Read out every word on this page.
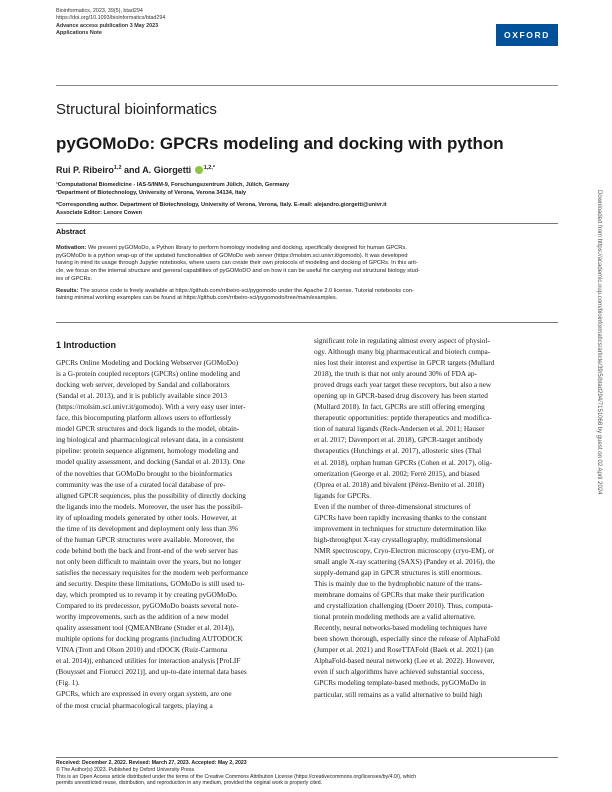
Bioinformatics, 2023, 39(5), btad294
https://doi.org/10.1093/bioinformatics/btad294
Advance access publication 3 May 2023
Applications Note	OXFORD
Structural bioinformatics
pyGOMoDo: GPCRs modeling and docking with python
Rui P. Ribeiro$^{1,2}$ and A. Giorgetti $^{1,2,*}$
¹Computational Biomedicine - IAS-5/INM-9, Forschungszentrum Jülich, Jülich, Germany
²Department of Biotechnology, University of Verona, Verona 34134, Italy
*Corresponding author. Department of Biotechnology, University of Verona, Verona, Italy. E-mail: alejandro.giorgetti@univr.it
Associate Editor: Lenore Cowen
Abstract

Motivation: We present pyGOMoDo, a Python library to perform homology modeling and docking, specifically designed for human GPCRs.
pyGOMoDo is a python wrap-up of the updated functionalities of GOMoDo web server (https://molsim.sci.univr.it/gomodo). It was developed
having in mind its usage through Jupyter notebooks, where users can create their own protocols of modeling and docking of GPCRs. In this arti-
cle, we focus on the internal structure and general capabilities of pyGOMoDO and on how it can be useful for carrying out structural biology stud-
ies of GPCRs.

Results: The source code is freely available at https://github.com/rribeiro-sci/pygomodo under the Apache 2.0 license. Tutorial notebooks con-
taining minimal working examples can be found at https://github.com/rribeiro-sci/pygomodo/tree/main/examples.

1 Introduction
GPCRs Online Modeling and Docking Webserver (GOMoDo)
is a G-protein coupled receptors (GPCRs) online modeling and
docking web server, developed by Sandal and collaborators
(Sandal et al. 2013), and it is publicly available since 2013
(https://molsim.sci.univr.it/gomodo). With a very easy user inter-
face, this biocomputing platform allows users to effortlessly
model GPCR structures and dock ligands to the model, obtain-
ing biological and pharmacological relevant data, in a consistent
pipeline: protein sequence alignment, homology modeling and
model quality assessment, and docking (Sandal et al. 2013). One
of the novelties that GOMoDo brought to the bioinformatics
community was the use of a curated local database of pre-
aligned GPCR sequences, plus the possibility of directly docking
the ligands into the models. Moreover, the user has the possibil-
ity of uploading models generated by other tools. However, at
the time of its development and deployment only less than 3%
of the human GPCR structures were available. Moreover, the
code behind both the back and front-end of the web server has
not only been difficult to maintain over the years, but no longer
satisfies the necessary requisites for the modern web performance
and security. Despite these limitations, GOMoDo is still used to-
day, which prompted us to revamp it by creating pyGOMoDo.
Compared to its predecessor, pyGOMoDo boasts several note-
worthy improvements, such as the addition of a new model
quality assessment tool (QMEANBrane (Studer et al. 2014)),
multiple options for docking programs (including AUTODOCK
VINA (Trott and Olson 2010) and rDOCK (Ruiz-Carmona
et al. 2014)), enhanced utilities for interaction analysis [ProLIF
(Bouysset and Fiorucci 2021)], and up-to-date internal data bases
(Fig. 1).
GPCRs, which are expressed in every organ system, are one
of the most crucial pharmacological targets, playing a
significant role in regulating almost every aspect of physiol-
ogy. Although many big pharmaceutical and biotech compa-
nies lost their interest and expertise in GPCR targets (Mullard
2018), the truth is that not only around 30% of FDA ap-
proved drugs each year target these receptors, but also a new
opening up in GPCR-based drug discovery has been started
(Mullard 2018). In fact, GPCRs are still offering emerging
therapeutic opportunities: peptide therapeutics and modifica-
tion of natural ligands (Reck-Andersen et al. 2011; Hauser
et al. 2017; Davenport et al. 2018), GPCR-target antibody
therapeutics (Hutchings et al. 2017), allosteric sites (Thal
et al. 2018), orphan human GPCRs (Cohen et al. 2017), olig-
omerization (George et al. 2002; Ferré 2015), and biased
(Oprea et al. 2018) and bivalent (Pérez-Benito et al. 2018)
ligands for GPCRs.
Even if the number of three-dimensional structures of
GPCRs have been rapidly increasing thanks to the constant
improvement in techniques for structure determination like
high-throughput X-ray crystallography, multidimensional
NMR spectroscopy, Cryo-Electron microscopy (cryo-EM), or
small angle X-ray scattering (SAXS) (Pandey et al. 2016), the
supply-demand gap in GPCR structures is still enormous.
This is mainly due to the hydrophobic nature of the trans-
membrane domains of GPCRs that make their purification
and crystallization challenging (Doerr 2010). Thus, computa-
tional protein modeling methods are a valid alternative.
Recently, neural networks-based modeling techniques have
been shown thorough, especially since the release of AlphaFold
(Jumper et al. 2021) and RoseTTAFold (Baek et al. 2021) (an
AlphaFold-based neural network) (Lee et al. 2022). However,
even if such algorithms have achieved substantial success,
GPCRs modeling template-based methods, pyGOMoDo in
particular, still remains as a valid alternative to build high
Received: December 2, 2022. Revised: March 27, 2023. Accepted: May 2, 2023
© The Author(s) 2023. Published by Oxford University Press.
This is an Open Access article distributed under the terms of the Creative Commons Attribution License (https://creativecommons.org/licenses/by/4.0/), which
permits unrestricted reuse, distribution, and reproduction in any medium, provided the original work is properly cited.
Downloaded from https://academic.oup.com/bioinformatics/article/39/5/btad294/7151068 by guest on 02 April 2024
